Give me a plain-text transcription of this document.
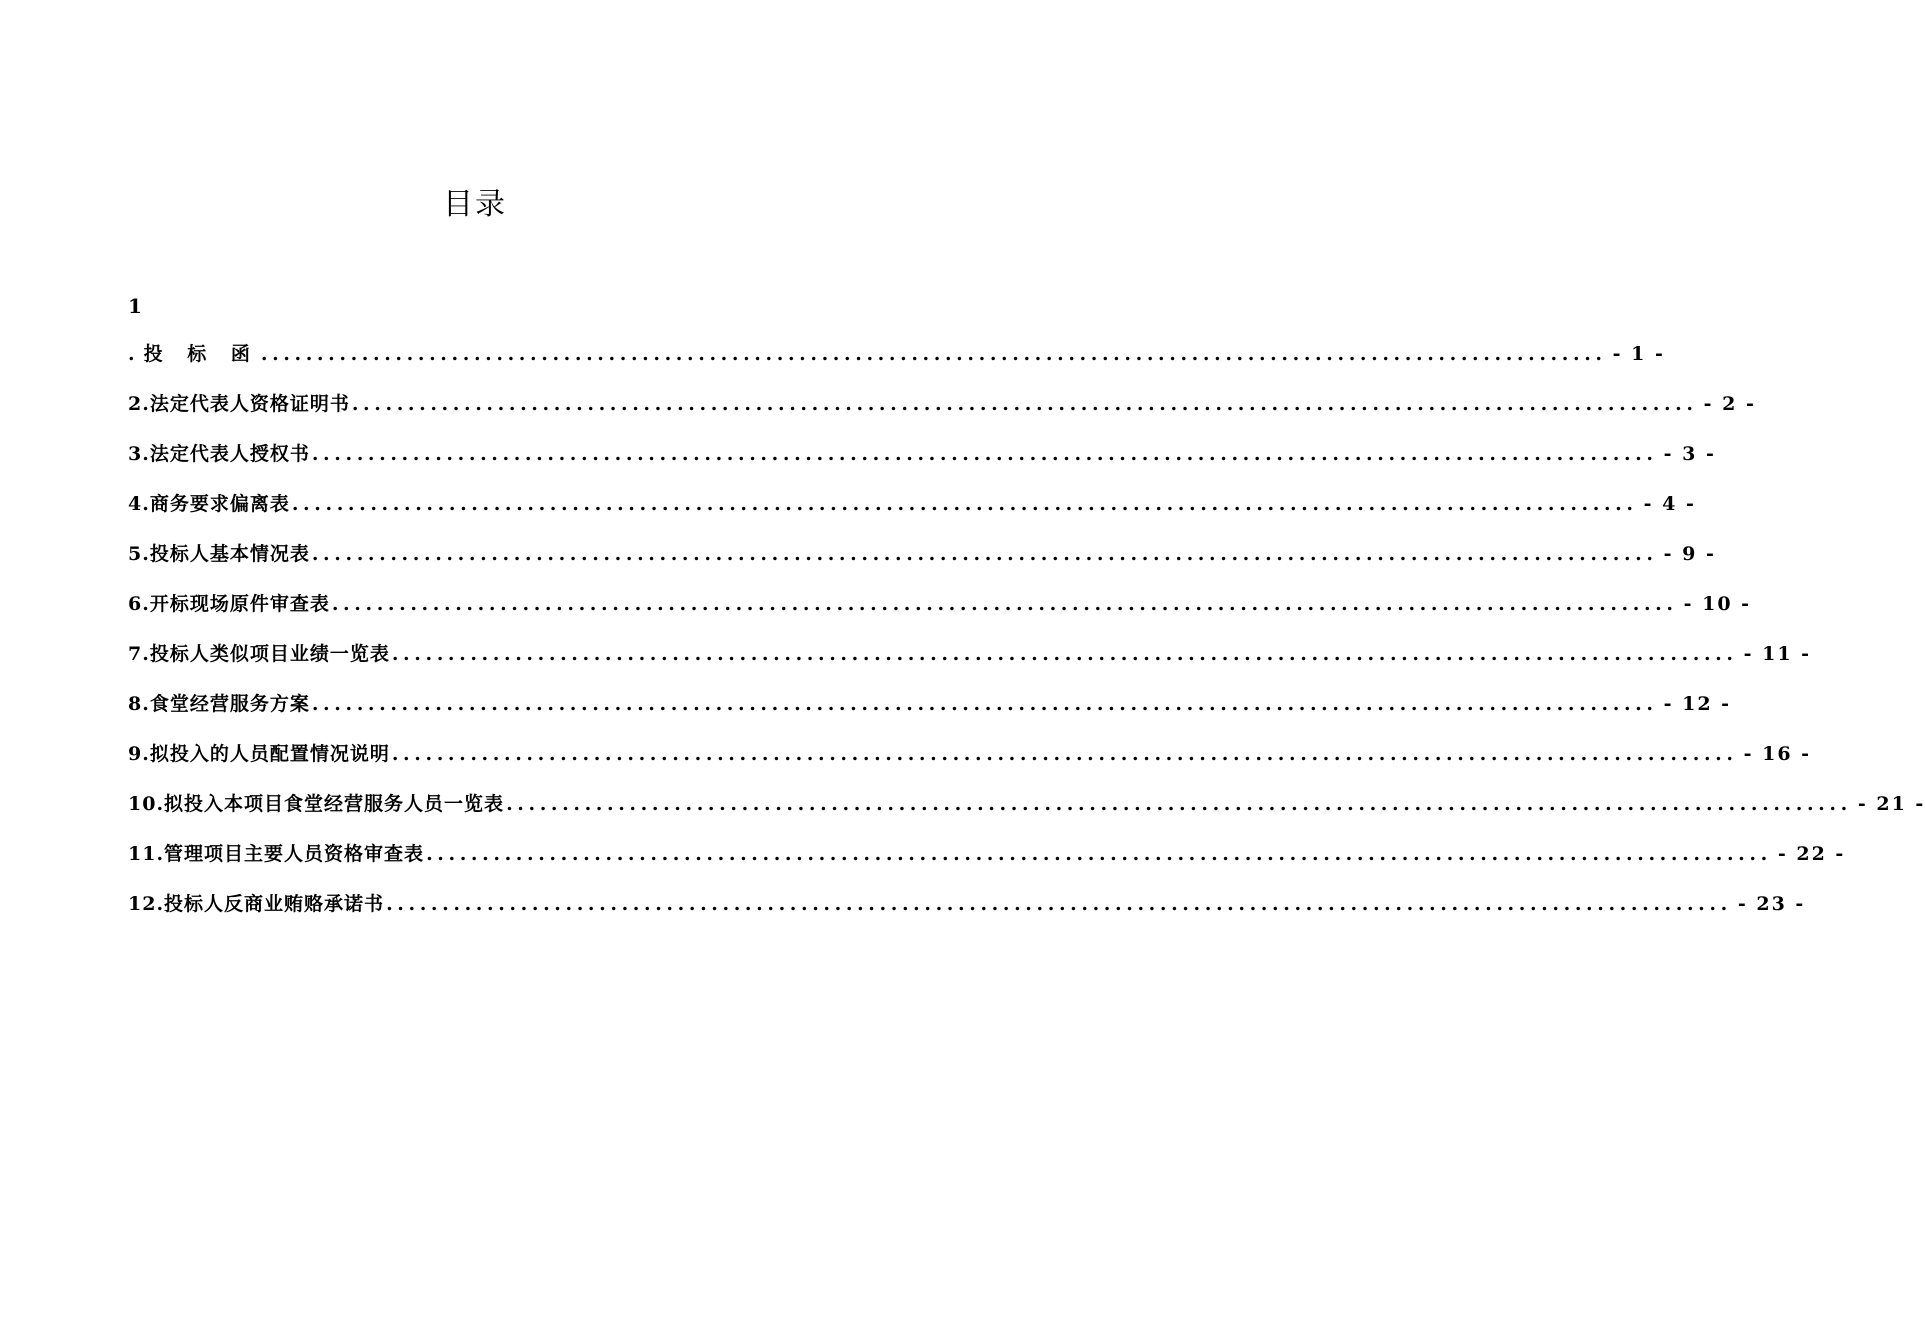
目录
1
.投 标 函 ........................................................................................................................ - 1 -
2.法定代表人资格证明书 ........................................................................................................................ - 2 -
3.法定代表人授权书 ........................................................................................................................ - 3 -
4.商务要求偏离表 ........................................................................................................................ - 4 -
5.投标人基本情况表 ........................................................................................................................ - 9 -
6.开标现场原件审查表 ........................................................................................................................ - 10 -
7.投标人类似项目业绩一览表 ........................................................................................................................ - 11 -
8.食堂经营服务方案 ........................................................................................................................ - 12 -
9.拟投入的人员配置情况说明 ........................................................................................................................ - 16 -
10.拟投入本项目食堂经营服务人员一览表 ........................................................................................................................ - 21 -
11.管理项目主要人员资格审查表 ........................................................................................................................ - 22 -
12.投标人反商业贿赂承诺书 ........................................................................................................................ - 23 -
